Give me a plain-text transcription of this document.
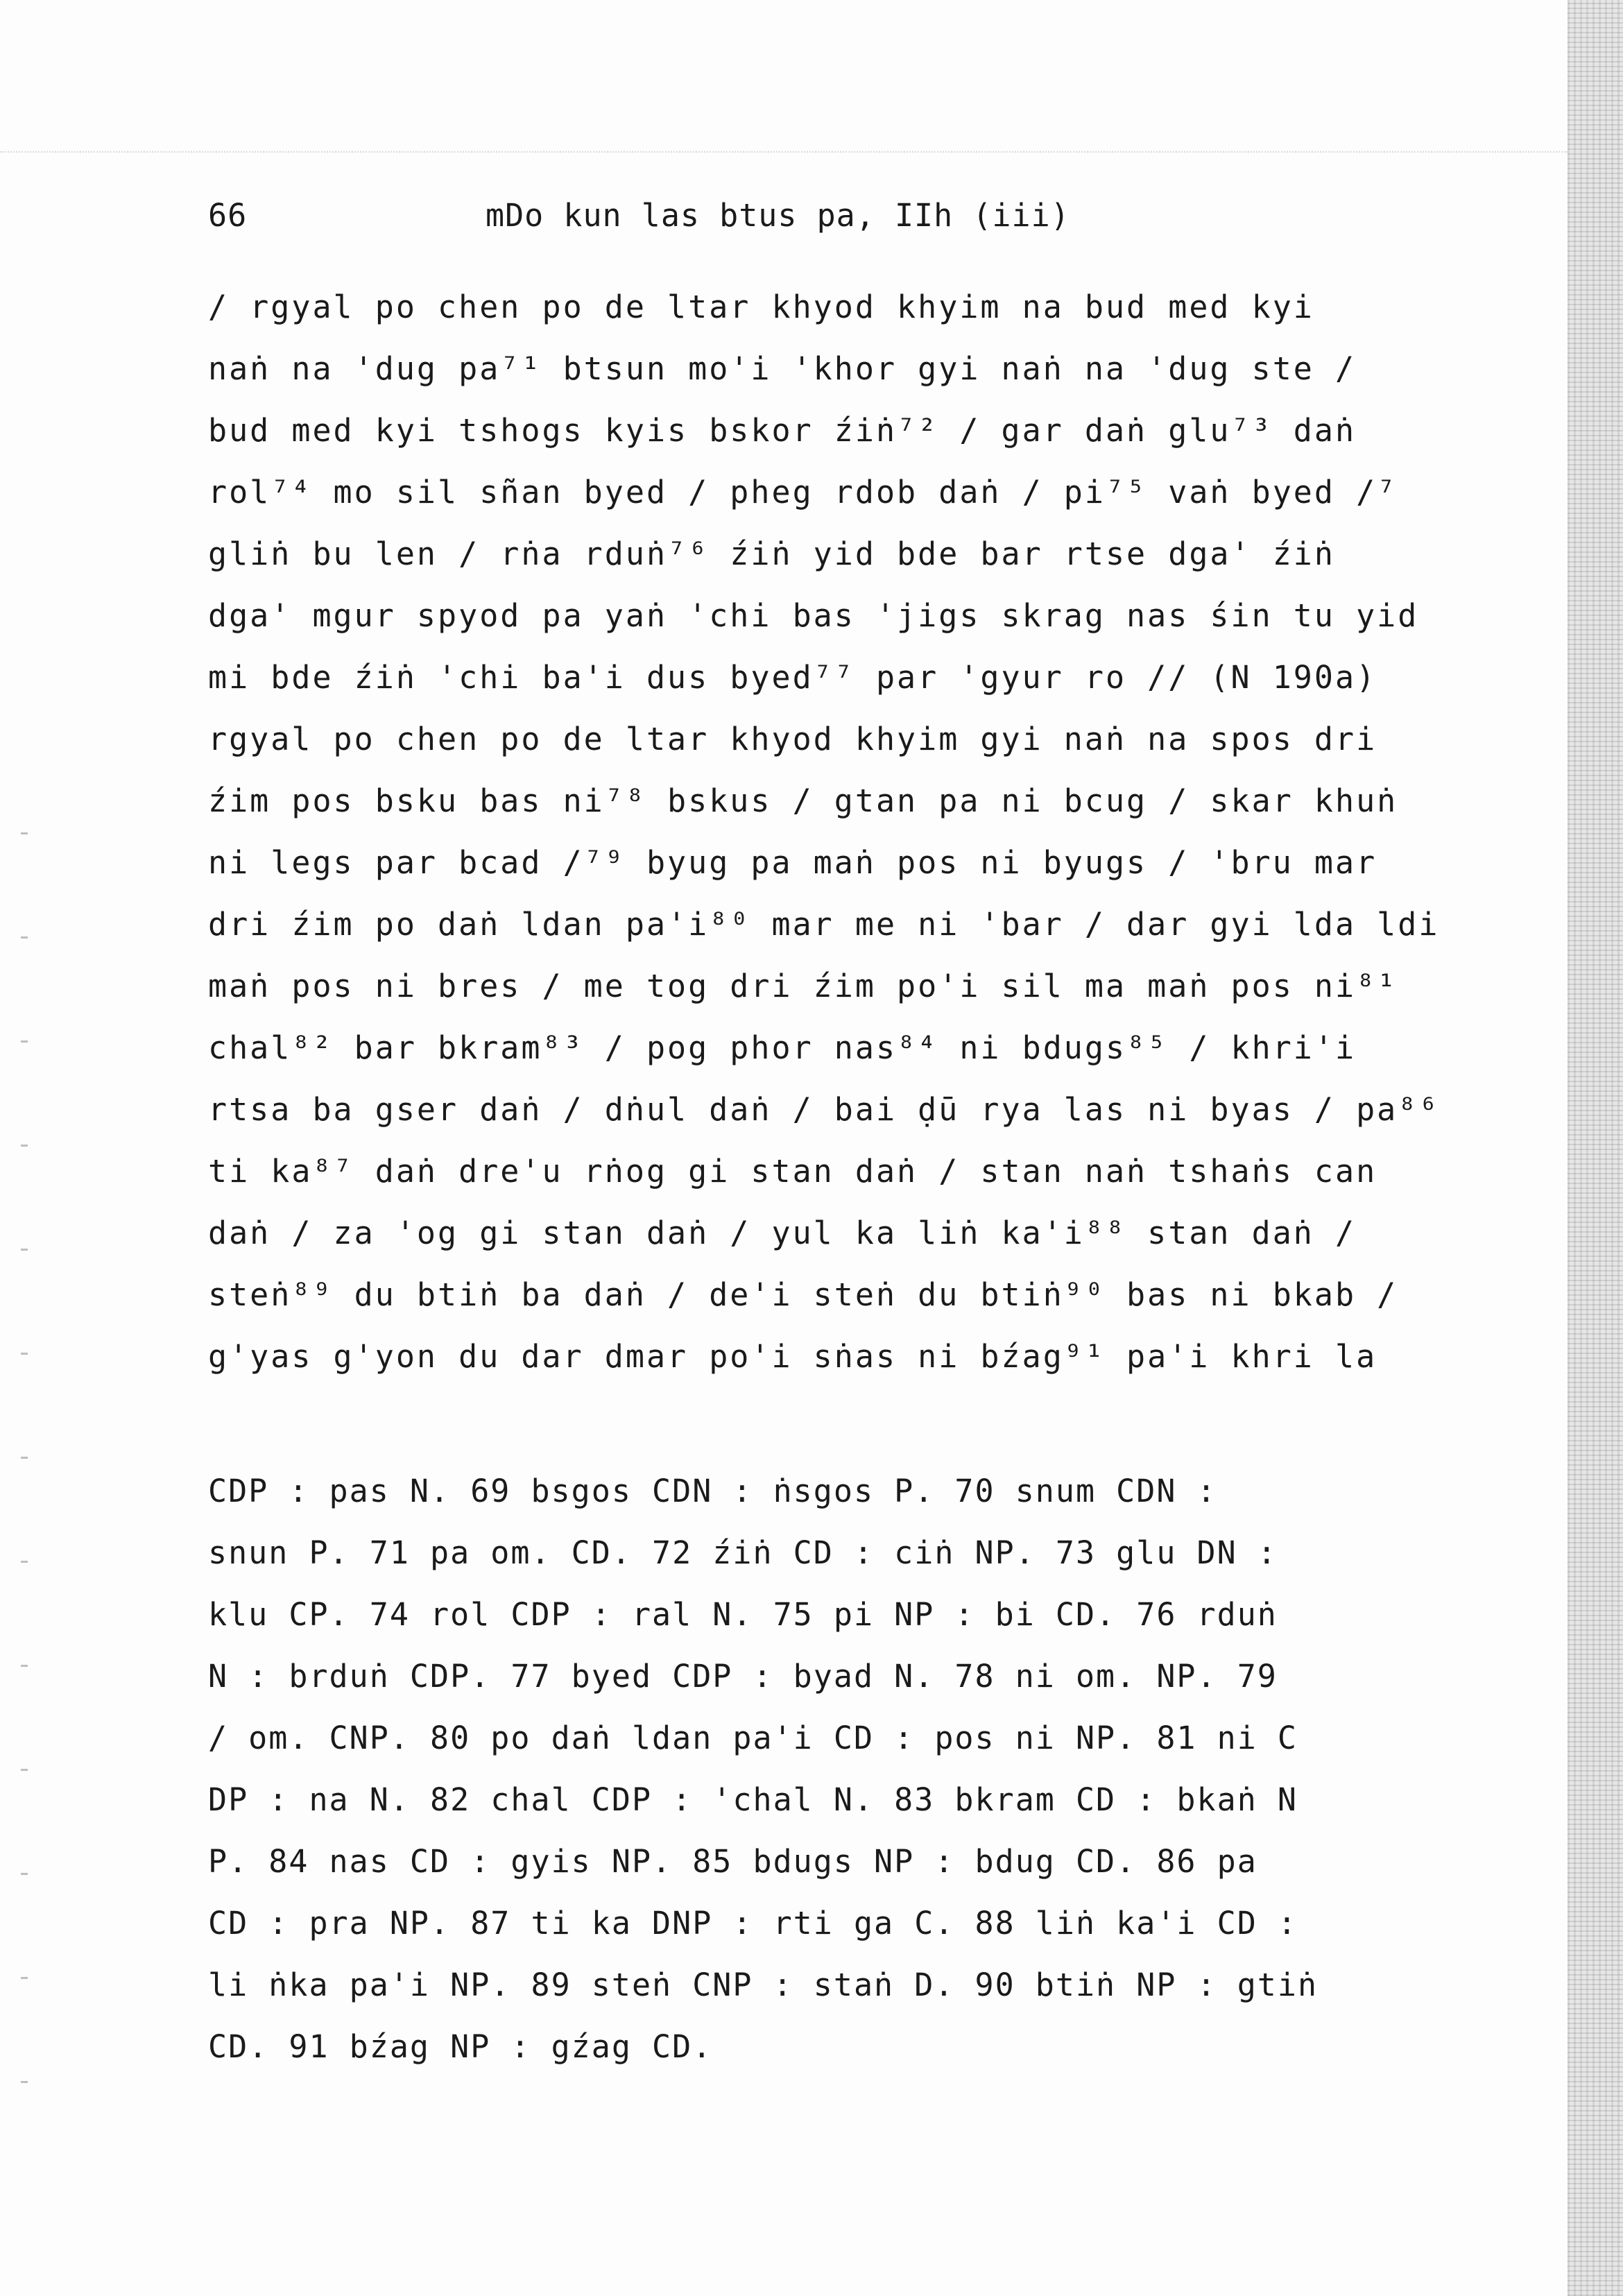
66	mDo kun las btus pa, IIh (iii)
/ rgyal po chen po de ltar khyod khyim na bud med kyi
naṅ na 'dug pa⁷¹ btsun mo'i 'khor gyi naṅ na 'dug ste /
bud med kyi tshogs kyis bskor źiṅ⁷² / gar daṅ glu⁷³ daṅ
rol⁷⁴ mo sil sñan byed / pheg rdob daṅ / pi⁷⁵ vaṅ byed /⁷
gliṅ bu len / rṅa rduṅ⁷⁶ źiṅ yid bde bar rtse dga' źiṅ
dga' mgur spyod pa yaṅ 'chi bas 'jigs skrag nas śin tu yid
mi bde źiṅ 'chi ba'i dus byed⁷⁷ par 'gyur ro // (N 190a)
rgyal po chen po de ltar khyod khyim gyi naṅ na spos dri
źim pos bsku bas ni⁷⁸ bskus / gtan pa ni bcug / skar khuṅ
ni legs par bcad /⁷⁹ byug pa maṅ pos ni byugs / 'bru mar
dri źim po daṅ ldan pa'i⁸⁰ mar me ni 'bar / dar gyi lda ldi
maṅ pos ni bres / me tog dri źim po'i sil ma maṅ pos ni⁸¹
chal⁸² bar bkram⁸³ / pog phor nas⁸⁴ ni bdugs⁸⁵ / khri'i
rtsa ba gser daṅ / dṅul daṅ / bai ḍū rya las ni byas / pa⁸⁶
ti ka⁸⁷ daṅ dre'u rṅog gi stan daṅ / stan naṅ tshaṅs can
daṅ / za 'og gi stan daṅ / yul ka liṅ ka'i⁸⁸ stan daṅ /
steṅ⁸⁹ du btiṅ ba daṅ / de'i steṅ du btiṅ⁹⁰ bas ni bkab /
g'yas g'yon du dar dmar po'i sṅas ni bźag⁹¹ pa'i khri la
CDP : pas N. 69 bsgos CDN : ṅsgos P. 70 snum CDN :
snun P. 71 pa om. CD. 72 źiṅ CD : ciṅ NP. 73 glu DN :
klu CP. 74 rol CDP : ral N. 75 pi NP : bi CD. 76 rduṅ
N : brduṅ CDP. 77 byed CDP : byad N. 78 ni om. NP. 79
/ om. CNP. 80 po daṅ ldan pa'i CD : pos ni NP. 81 ni C
DP : na N. 82 chal CDP : 'chal N. 83 bkram CD : bkaṅ N
P. 84 nas CD : gyis NP. 85 bdugs NP : bdug CD. 86 pa
CD : pra NP. 87 ti ka DNP : rti ga C. 88 liṅ ka'i CD :
li ṅka pa'i NP. 89 steṅ CNP : staṅ D. 90 btiṅ NP : gtiṅ
CD. 91 bźag NP : gźag CD.
